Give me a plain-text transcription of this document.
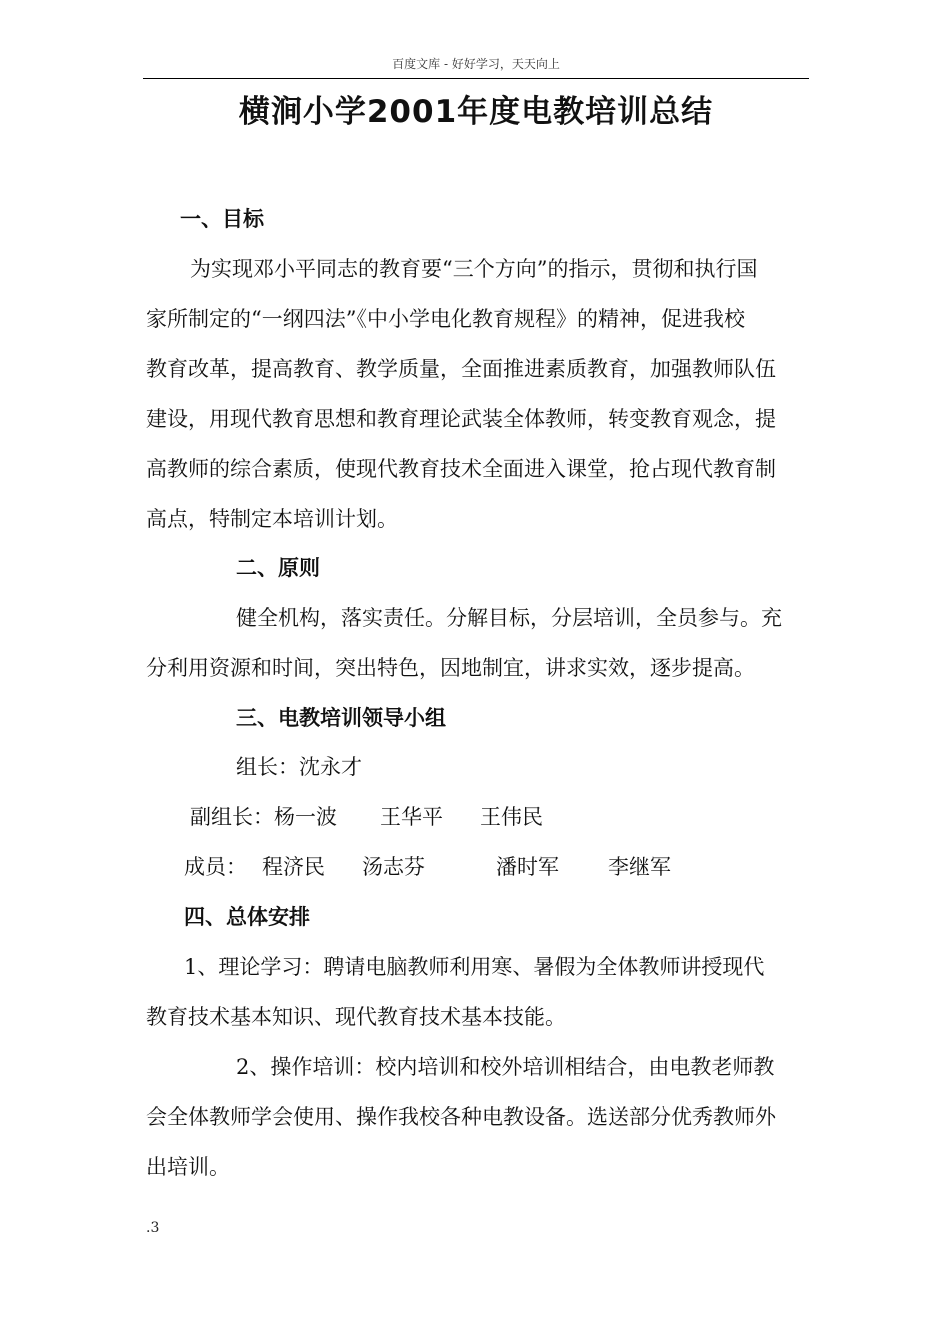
百度文库 - 好好学习，天天向上
横涧小学2001年度电教培训总结
一、目标
为实现邓小平同志的教育要“三个方向”的指示，贯彻和执行国
家所制定的“一纲四法”《中小学电化教育规程》的精神，促进我校
教育改革，提高教育、教学质量，全面推进素质教育，加强教师队伍
建设，用现代教育思想和教育理论武装全体教师，转变教育观念，提
高教师的综合素质，使现代教育技术全面进入课堂，抢占现代教育制
高点，特制定本培训计划。
二、原则
健全机构，落实责任。分解目标，分层培训，全员参与。充
分利用资源和时间，突出特色，因地制宜，讲求实效，逐步提高。
三、电教培训领导小组
组长：沈永才
副组长：杨一波 王华平 王伟民
成员： 程济民 汤志芬	潘时军 李继军
四、总体安排
1、理论学习：聘请电脑教师利用寒、暑假为全体教师讲授现代
教育技术基本知识、现代教育技术基本技能。
2、操作培训：校内培训和校外培训相结合，由电教老师教
会全体教师学会使用、操作我校各种电教设备。选送部分优秀教师外
出培训。
.3
